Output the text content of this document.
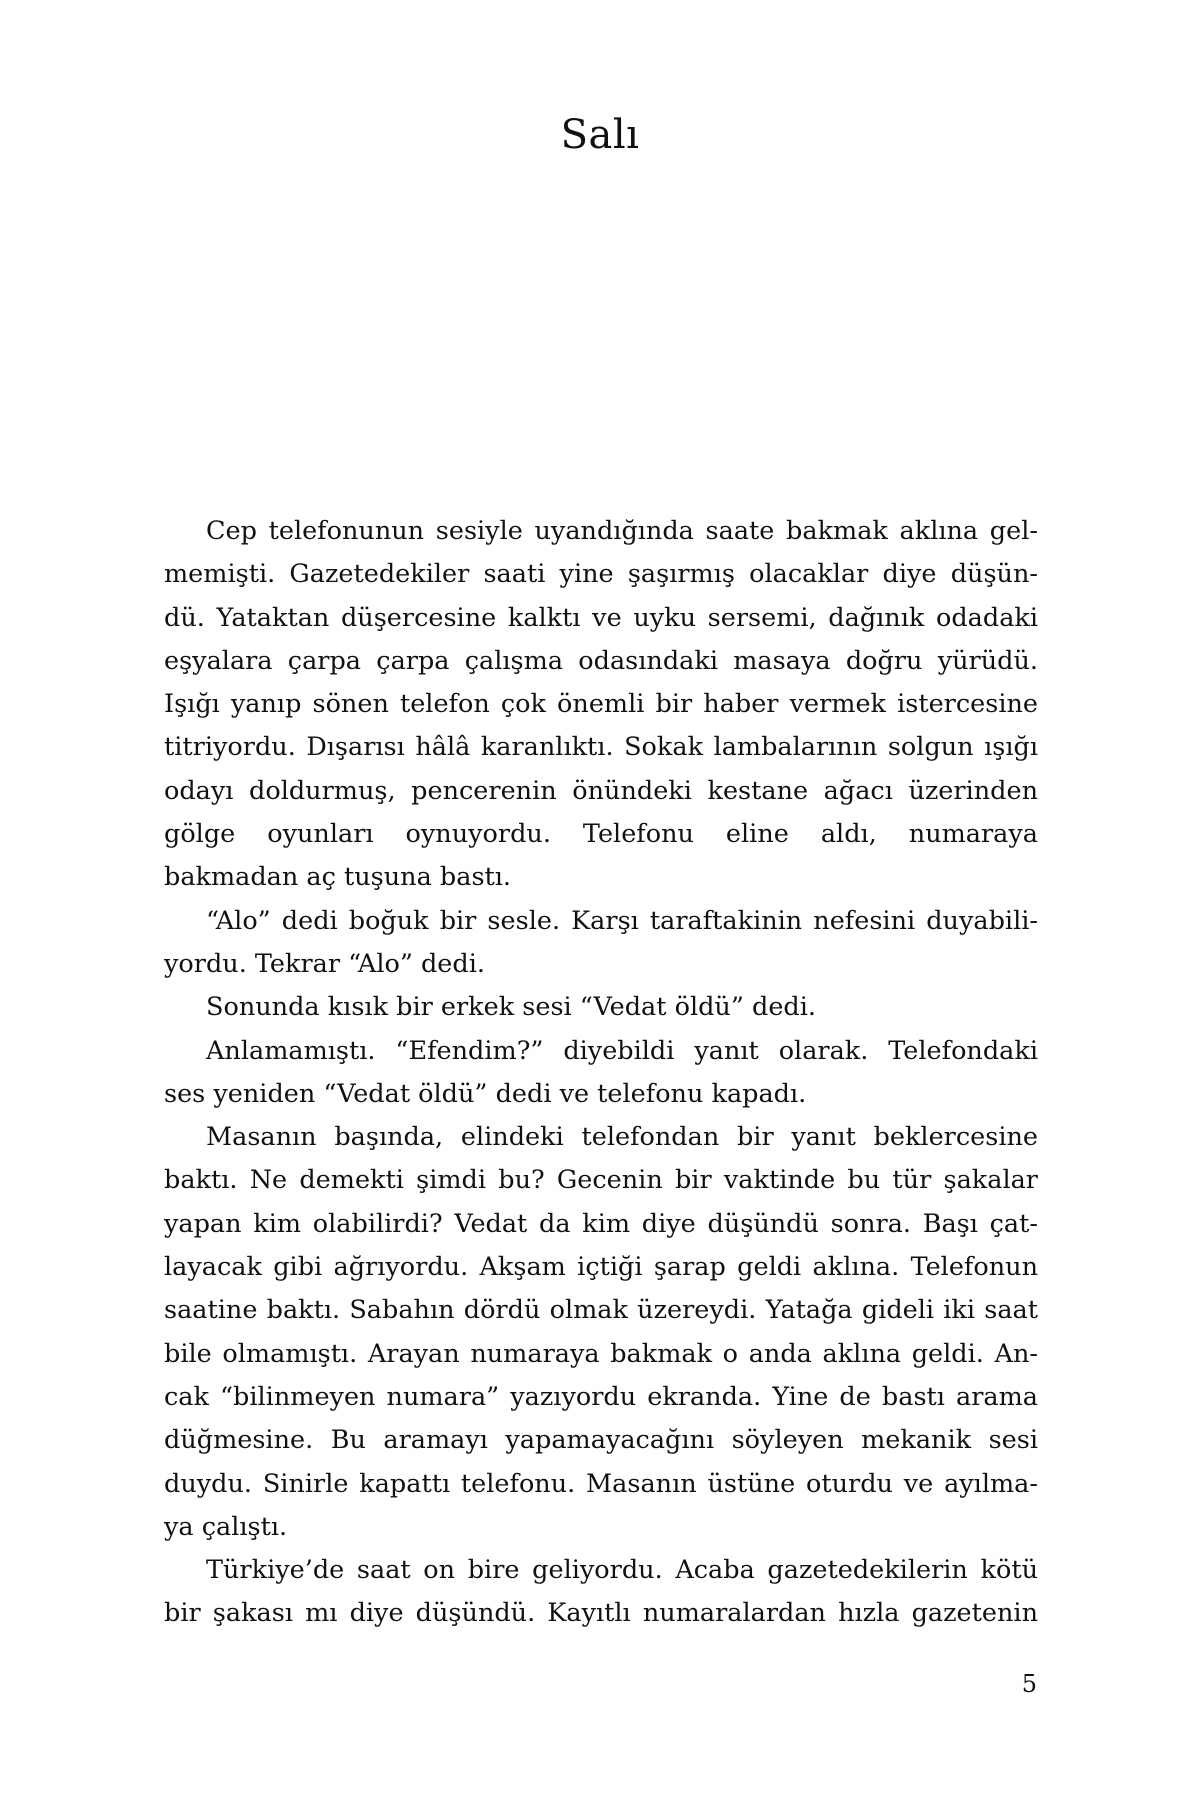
Salı
Cep telefonunun sesiyle uyandığında saate bakmak aklına gel-
memişti. Gazetedekiler saati yine şaşırmış olacaklar diye düşün-
dü. Yataktan düşercesine kalktı ve uyku sersemi, dağınık odadaki
eşyalara çarpa çarpa çalışma odasındaki masaya doğru yürüdü.
Işığı yanıp sönen telefon çok önemli bir haber vermek istercesine
titriyordu. Dışarısı hâlâ karanlıktı. Sokak lambalarının solgun ışığı
odayı doldurmuş, pencerenin önündeki kestane ağacı üzerinden
gölge oyunları oynuyordu. Telefonu eline aldı, numaraya
bakmadan aç tuşuna bastı.
“Alo” dedi boğuk bir sesle. Karşı taraftakinin nefesini duyabili-
yordu. Tekrar “Alo” dedi.
Sonunda kısık bir erkek sesi “Vedat öldü” dedi.
Anlamamıştı. “Efendim?” diyebildi yanıt olarak. Telefondaki
ses yeniden “Vedat öldü” dedi ve telefonu kapadı.
Masanın başında, elindeki telefondan bir yanıt beklercesine
baktı. Ne demekti şimdi bu? Gecenin bir vaktinde bu tür şakalar
yapan kim olabilirdi? Vedat da kim diye düşündü sonra. Başı çat-
layacak gibi ağrıyordu. Akşam içtiği şarap geldi aklına. Telefonun
saatine baktı. Sabahın dördü olmak üzereydi. Yatağa gideli iki saat
bile olmamıştı. Arayan numaraya bakmak o anda aklına geldi. An-
cak “bilinmeyen numara” yazıyordu ekranda. Yine de bastı arama
düğmesine. Bu aramayı yapamayacağını söyleyen mekanik sesi
duydu. Sinirle kapattı telefonu. Masanın üstüne oturdu ve ayılma-
ya çalıştı.
Türkiye’de saat on bire geliyordu. Acaba gazetedekilerin kötü
bir şakası mı diye düşündü. Kayıtlı numaralardan hızla gazetenin
5
